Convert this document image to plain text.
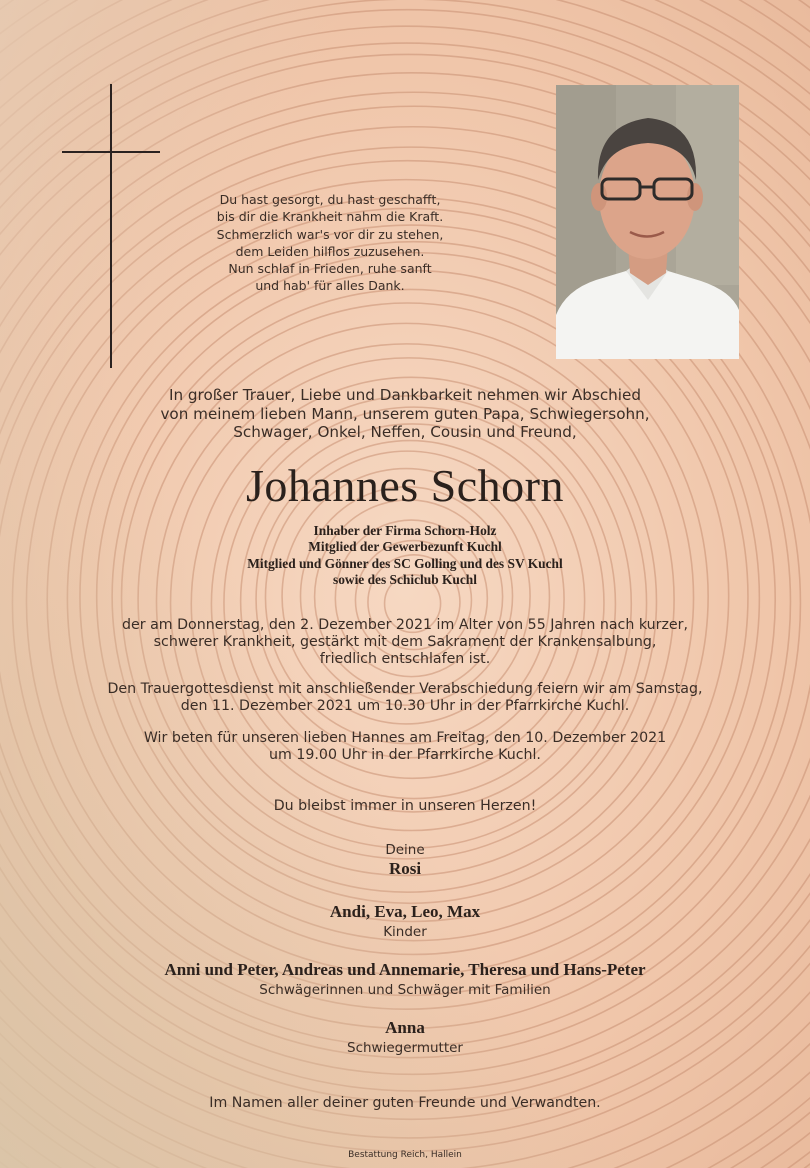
Du hast gesorgt, du hast geschafft,
bis dir die Krankheit nahm die Kraft.
Schmerzlich war's vor dir zu stehen,
dem Leiden hilflos zuzusehen.
Nun schlaf in Frieden, ruhe sanft
und hab' für alles Dank.
In großer Trauer, Liebe und Dankbarkeit nehmen wir Abschied
von meinem lieben Mann, unserem guten Papa, Schwiegersohn,
Schwager, Onkel, Neffen, Cousin und Freund,
Johannes Schorn
Inhaber der Firma Schorn-Holz
Mitglied der Gewerbezunft Kuchl
Mitglied und Gönner des SC Golling und des SV Kuchl
sowie des Schiclub Kuchl
der am Donnerstag, den 2. Dezember 2021 im Alter von 55 Jahren nach kurzer,
schwerer Krankheit, gestärkt mit dem Sakrament der Krankensalbung,
friedlich entschlafen ist.
Den Trauergottesdienst mit anschließender Verabschiedung feiern wir am Samstag,
den 11. Dezember 2021 um 10.30 Uhr in der Pfarrkirche Kuchl.
Wir beten für unseren lieben Hannes am Freitag, den 10. Dezember 2021
um 19.00 Uhr in der Pfarrkirche Kuchl.
Du bleibst immer in unseren Herzen!
Deine
Rosi
Andi, Eva, Leo, Max
Kinder
Anni und Peter, Andreas und Annemarie, Theresa und Hans-Peter
Schwägerinnen und Schwäger mit Familien
Anna
Schwiegermutter
Im Namen aller deiner guten Freunde und Verwandten.
Bestattung Reich, Hallein
